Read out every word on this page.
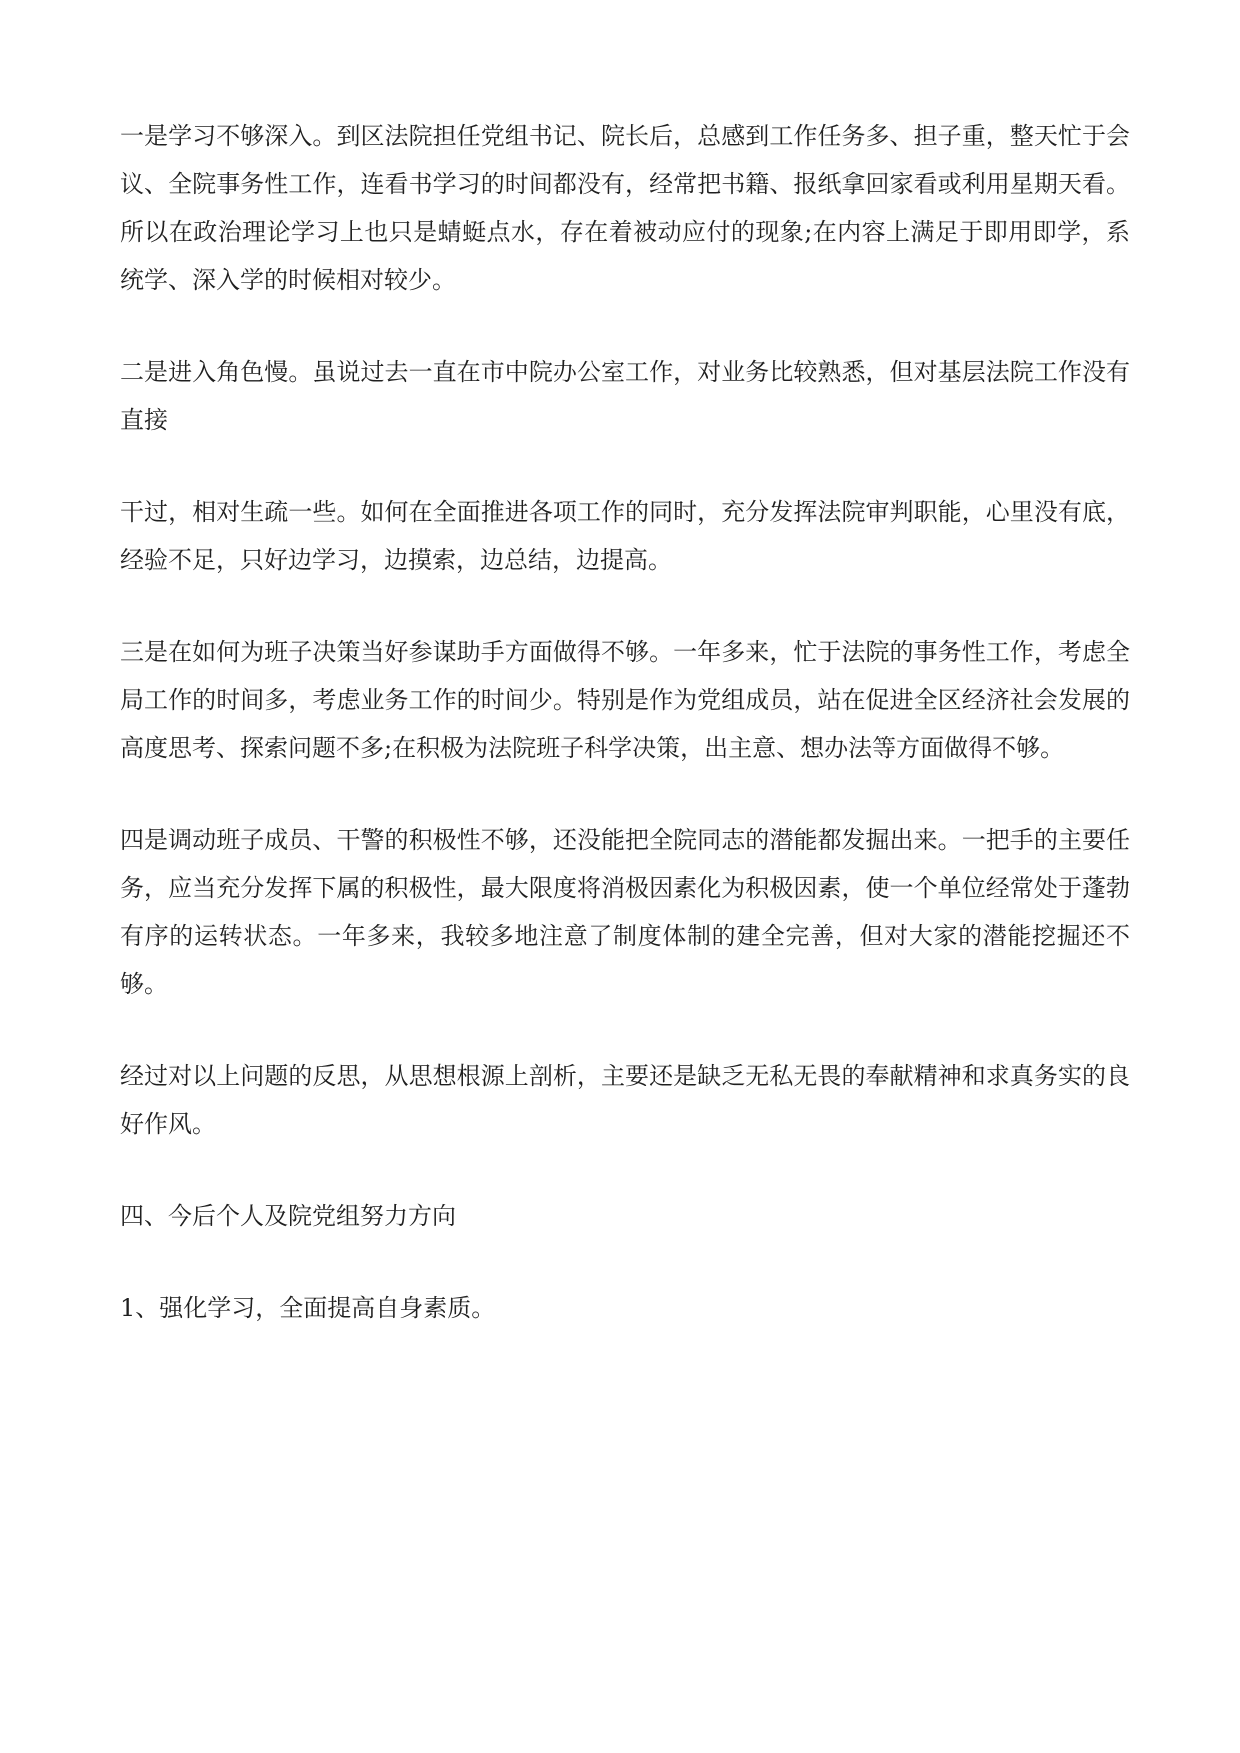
一是学习不够深入。到区法院担任党组书记、院长后，总感到工作任务多、担子重，整天忙于会议、全院事务性工作，连看书学习的时间都没有，经常把书籍、报纸拿回家看或利用星期天看。所以在政治理论学习上也只是蜻蜓点水，存在着被动应付的现象;在内容上满足于即用即学，系统学、深入学的时候相对较少。

二是进入角色慢。虽说过去一直在市中院办公室工作，对业务比较熟悉，但对基层法院工作没有直接

干过，相对生疏一些。如何在全面推进各项工作的同时，充分发挥法院审判职能，心里没有底，经验不足，只好边学习，边摸索，边总结，边提高。

三是在如何为班子决策当好参谋助手方面做得不够。一年多来，忙于法院的事务性工作，考虑全局工作的时间多，考虑业务工作的时间少。特别是作为党组成员，站在促进全区经济社会发展的高度思考、探索问题不多;在积极为法院班子科学决策，出主意、想办法等方面做得不够。

四是调动班子成员、干警的积极性不够，还没能把全院同志的潜能都发掘出来。一把手的主要任务，应当充分发挥下属的积极性，最大限度将消极因素化为积极因素，使一个单位经常处于蓬勃有序的运转状态。一年多来，我较多地注意了制度体制的建全完善，但对大家的潜能挖掘还不够。

经过对以上问题的反思，从思想根源上剖析，主要还是缺乏无私无畏的奉献精神和求真务实的良好作风。

四、今后个人及院党组努力方向

1、强化学习，全面提高自身素质。
